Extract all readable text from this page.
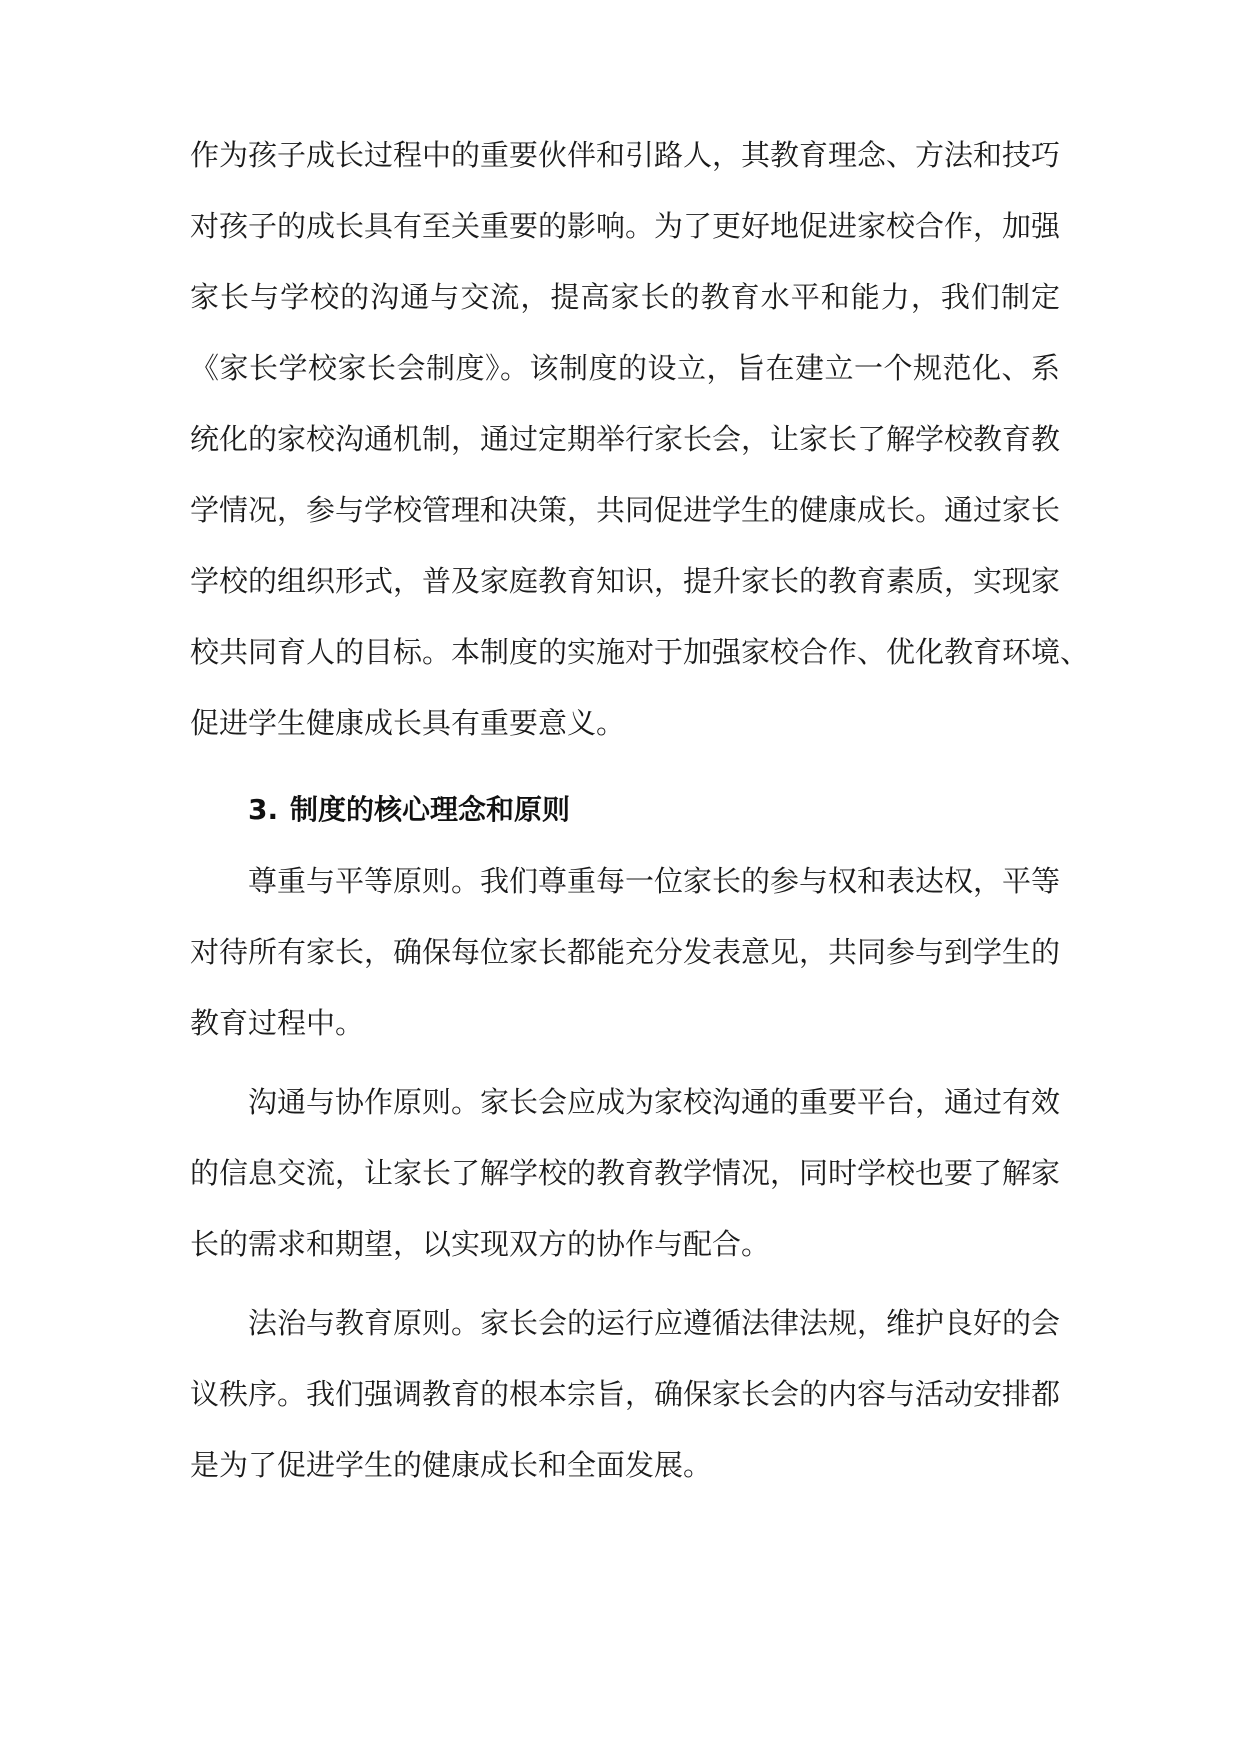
作为孩子成长过程中的重要伙伴和引路人，其教育理念、方法和技巧
对孩子的成长具有至关重要的影响。为了更好地促进家校合作，加强
家长与学校的沟通与交流，提高家长的教育水平和能力，我们制定
《家长学校家长会制度》。该制度的设立，旨在建立一个规范化、系
统化的家校沟通机制，通过定期举行家长会，让家长了解学校教育教
学情况，参与学校管理和决策，共同促进学生的健康成长。通过家长
学校的组织形式，普及家庭教育知识，提升家长的教育素质，实现家
校共同育人的目标。本制度的实施对于加强家校合作、优化教育环境、
促进学生健康成长具有重要意义。
3. 制度的核心理念和原则
尊重与平等原则。我们尊重每一位家长的参与权和表达权，平等
对待所有家长，确保每位家长都能充分发表意见，共同参与到学生的
教育过程中。
沟通与协作原则。家长会应成为家校沟通的重要平台，通过有效
的信息交流，让家长了解学校的教育教学情况，同时学校也要了解家
长的需求和期望，以实现双方的协作与配合。
法治与教育原则。家长会的运行应遵循法律法规，维护良好的会
议秩序。我们强调教育的根本宗旨，确保家长会的内容与活动安排都
是为了促进学生的健康成长和全面发展。
